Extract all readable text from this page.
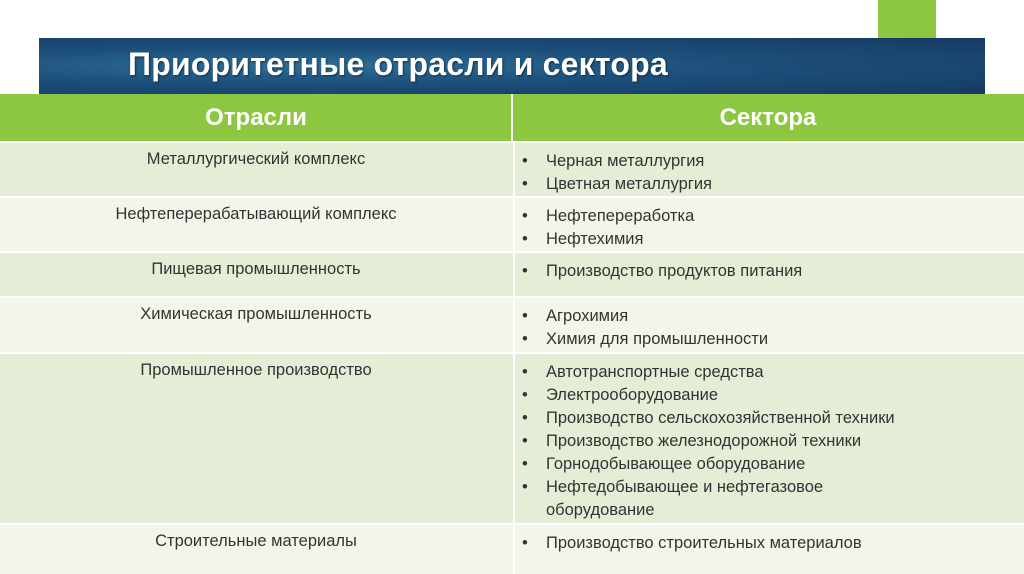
Приоритетные отрасли и сектора
Отрасли	Сектора
Металлургический комплекс	•	Черная металлургия
•	Цветная металлургия
Нефтеперерабатывающий комплекс	•	Нефтепереработка
•	Нефтехимия
Пищевая промышленность	•	Производство продуктов питания
Химическая промышленность	•	Агрохимия
•	Химия для промышленности
Промышленное производство	•	Автотранспортные средства
•	Электрооборудование
•	Производство сельскохозяйственной техники
•	Производство железнодорожной техники
•	Горнодобывающее оборудование
•	Нефтедобывающее и нефтегазовое оборудование
Строительные материалы	•	Производство строительных материалов
